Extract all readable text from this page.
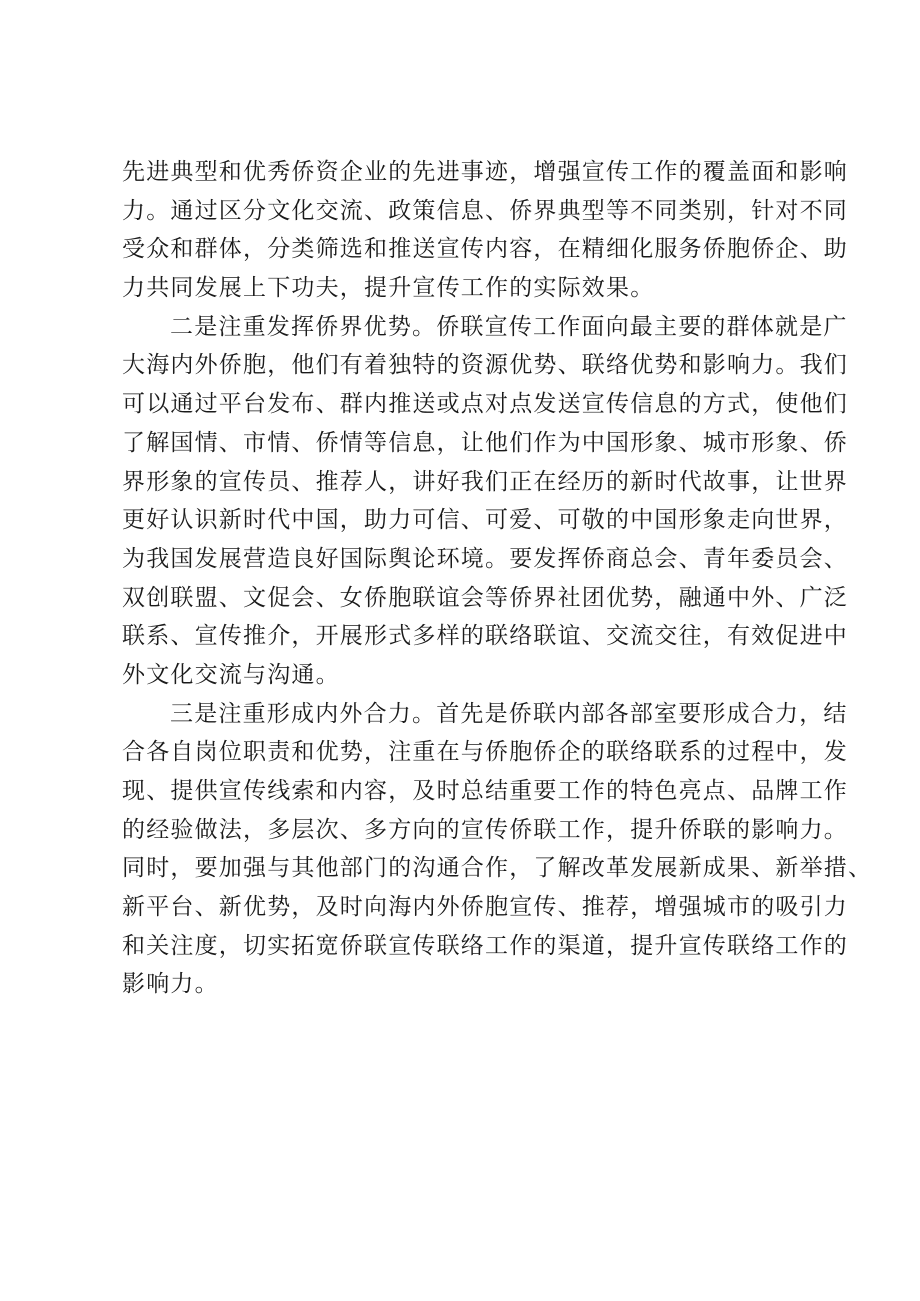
先进典型和优秀侨资企业的先进事迹，增强宣传工作的覆盖面和影响
力。通过区分文化交流、政策信息、侨界典型等不同类别，针对不同
受众和群体，分类筛选和推送宣传内容，在精细化服务侨胞侨企、助
力共同发展上下功夫，提升宣传工作的实际效果。
二是注重发挥侨界优势。侨联宣传工作面向最主要的群体就是广
大海内外侨胞，他们有着独特的资源优势、联络优势和影响力。我们
可以通过平台发布、群内推送或点对点发送宣传信息的方式，使他们
了解国情、市情、侨情等信息，让他们作为中国形象、城市形象、侨
界形象的宣传员、推荐人，讲好我们正在经历的新时代故事，让世界
更好认识新时代中国，助力可信、可爱、可敬的中国形象走向世界，
为我国发展营造良好国际舆论环境。要发挥侨商总会、青年委员会、
双创联盟、文促会、女侨胞联谊会等侨界社团优势，融通中外、广泛
联系、宣传推介，开展形式多样的联络联谊、交流交往，有效促进中
外文化交流与沟通。
三是注重形成内外合力。首先是侨联内部各部室要形成合力，结
合各自岗位职责和优势，注重在与侨胞侨企的联络联系的过程中，发
现、提供宣传线索和内容，及时总结重要工作的特色亮点、品牌工作
的经验做法，多层次、多方向的宣传侨联工作，提升侨联的影响力。
同时，要加强与其他部门的沟通合作，了解改革发展新成果、新举措、
新平台、新优势，及时向海内外侨胞宣传、推荐，增强城市的吸引力
和关注度，切实拓宽侨联宣传联络工作的渠道，提升宣传联络工作的
影响力。
